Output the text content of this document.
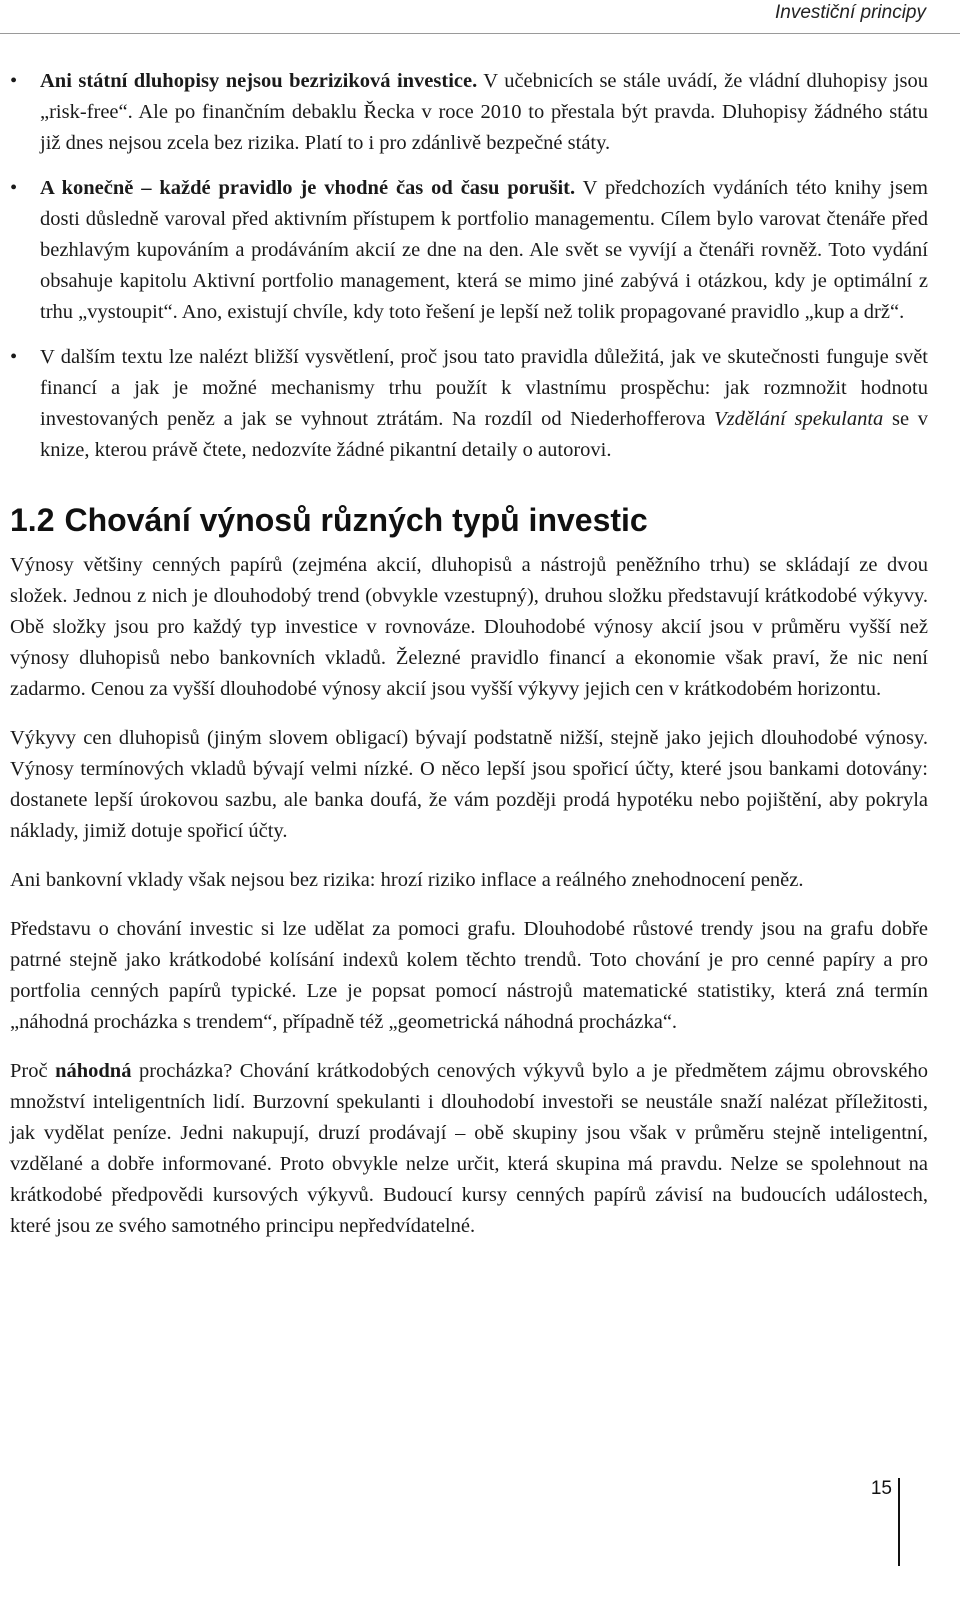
Investiční principy
• Ani státní dluhopisy nejsou bezriziková investice. V učebnicích se stále uvádí, že vládní dluhopisy jsou „risk-free“. Ale po finančním debaklu Řecka v roce 2010 to přestala být pravda. Dluhopisy žádného státu již dnes nejsou zcela bez rizika. Platí to i pro zdánlivě bezpečné státy.
• A konečně – každé pravidlo je vhodné čas od času porušit. V předchozích vydáních této knihy jsem dosti důsledně varoval před aktivním přístupem k portfolio managementu. Cílem bylo varovat čtenáře před bezhlavým kupováním a prodáváním akcií ze dne na den. Ale svět se vyvíjí a čtenáři rovněž. Toto vydání obsahuje kapitolu Aktivní portfolio management, která se mimo jiné zabývá i otázkou, kdy je optimální z trhu „vystoupit“. Ano, existují chvíle, kdy toto řešení je lepší než tolik propagované pravidlo „kup a drž“.
• V dalším textu lze nalézt bližší vysvětlení, proč jsou tato pravidla důležitá, jak ve skutečnosti funguje svět financí a jak je možné mechanismy trhu použít k vlastnímu prospěchu: jak rozmnožit hodnotu investovaných peněz a jak se vyhnout ztrátám. Na rozdíl od Niederhofferova Vzdělání spekulanta se v knize, kterou právě čtete, nedozvíte žádné pikantní detaily o autorovi.
1.2 Chování výnosů různých typů investic

Výnosy většiny cenných papírů (zejména akcií, dluhopisů a nástrojů peněžního trhu) se skládají ze dvou složek. Jednou z nich je dlouhodobý trend (obvykle vzestupný), druhou složku představují krátkodobé výkyvy. Obě složky jsou pro každý typ investice v rovnováze. Dlouhodobé výnosy akcií jsou v průměru vyšší než výnosy dluhopisů nebo bankovních vkladů. Železné pravidlo financí a ekonomie však praví, že nic není zadarmo. Cenou za vyšší dlouhodobé výnosy akcií jsou vyšší výkyvy jejich cen v krátkodobém horizontu.

Výkyvy cen dluhopisů (jiným slovem obligací) bývají podstatně nižší, stejně jako jejich dlouhodobé výnosy. Výnosy termínových vkladů bývají velmi nízké. O něco lepší jsou spořicí účty, které jsou bankami dotovány: dostanete lepší úrokovou sazbu, ale banka doufá, že vám později prodá hypotéku nebo pojištění, aby pokryla náklady, jimiž dotuje spořicí účty.

Ani bankovní vklady však nejsou bez rizika: hrozí riziko inflace a reálného znehodnocení peněz.

Představu o chování investic si lze udělat za pomoci grafu. Dlouhodobé růstové trendy jsou na grafu dobře patrné stejně jako krátkodobé kolísání indexů kolem těchto trendů. Toto chování je pro cenné papíry a pro portfolia cenných papírů typické. Lze je popsat pomocí nástrojů matematické statistiky, která zná termín „náhodná procházka s trendem“, případně též „geometrická náhodná procházka“.

Proč náhodná procházka? Chování krátkodobých cenových výkyvů bylo a je předmětem zájmu obrovského množství inteligentních lidí. Burzovní spekulanti i dlouhodobí investoři se neustále snaží nalézat příležitosti, jak vydělat peníze. Jedni nakupují, druzí prodávají – obě skupiny jsou však v průměru stejně inteligentní, vzdělané a dobře informované. Proto obvykle nelze určit, která skupina má pravdu. Nelze se spolehnout na krátkodobé předpovědi kursových výkyvů. Budoucí kursy cenných papírů závisí na budoucích událostech, které jsou ze svého samotného principu nepředvídatelné.

15
